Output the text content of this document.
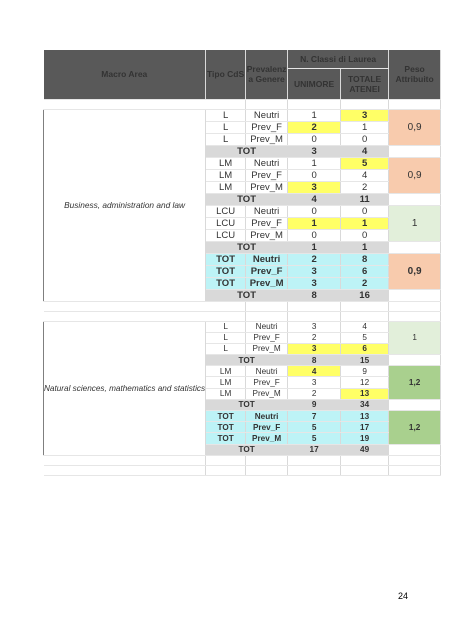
Macro Area	Tipo CdS	Prevalenz a Genere	N. Classi di Laurea		Peso Attribuito
			UNIMORE	TOTALE ATENEI	

Business, administration and law	L	Neutri	1	3	0,9
	L	Prev_F	2	1	
	L	Prev_M	0	0	
	TOT		3	4	
	LM	Neutri	1	5	0,9
	LM	Prev_F	0	4	
	LM	Prev_M	3	2	
	TOT		4	11	
	LCU	Neutri	0	0	1
	LCU	Prev_F	1	1	
	LCU	Prev_M	0	0	
	TOT		1	1	
	TOT	Neutri	2	8	0,9
	TOT	Prev_F	3	6	
	TOT	Prev_M	3	2	
	TOT		8	16	

Natural sciences, mathematics and statistics	L	Neutri	3	4	1
	L	Prev_F	2	5	
	L	Prev_M	3	6	
	TOT		8	15	
	LM	Neutri	4	9	1,2
	LM	Prev_F	3	12	
	LM	Prev_M	2	13	
	TOT		9	34	
	TOT	Neutri	7	13	1,2
	TOT	Prev_F	5	17	
	TOT	Prev_M	5	19	
	TOT		17	49	

24
